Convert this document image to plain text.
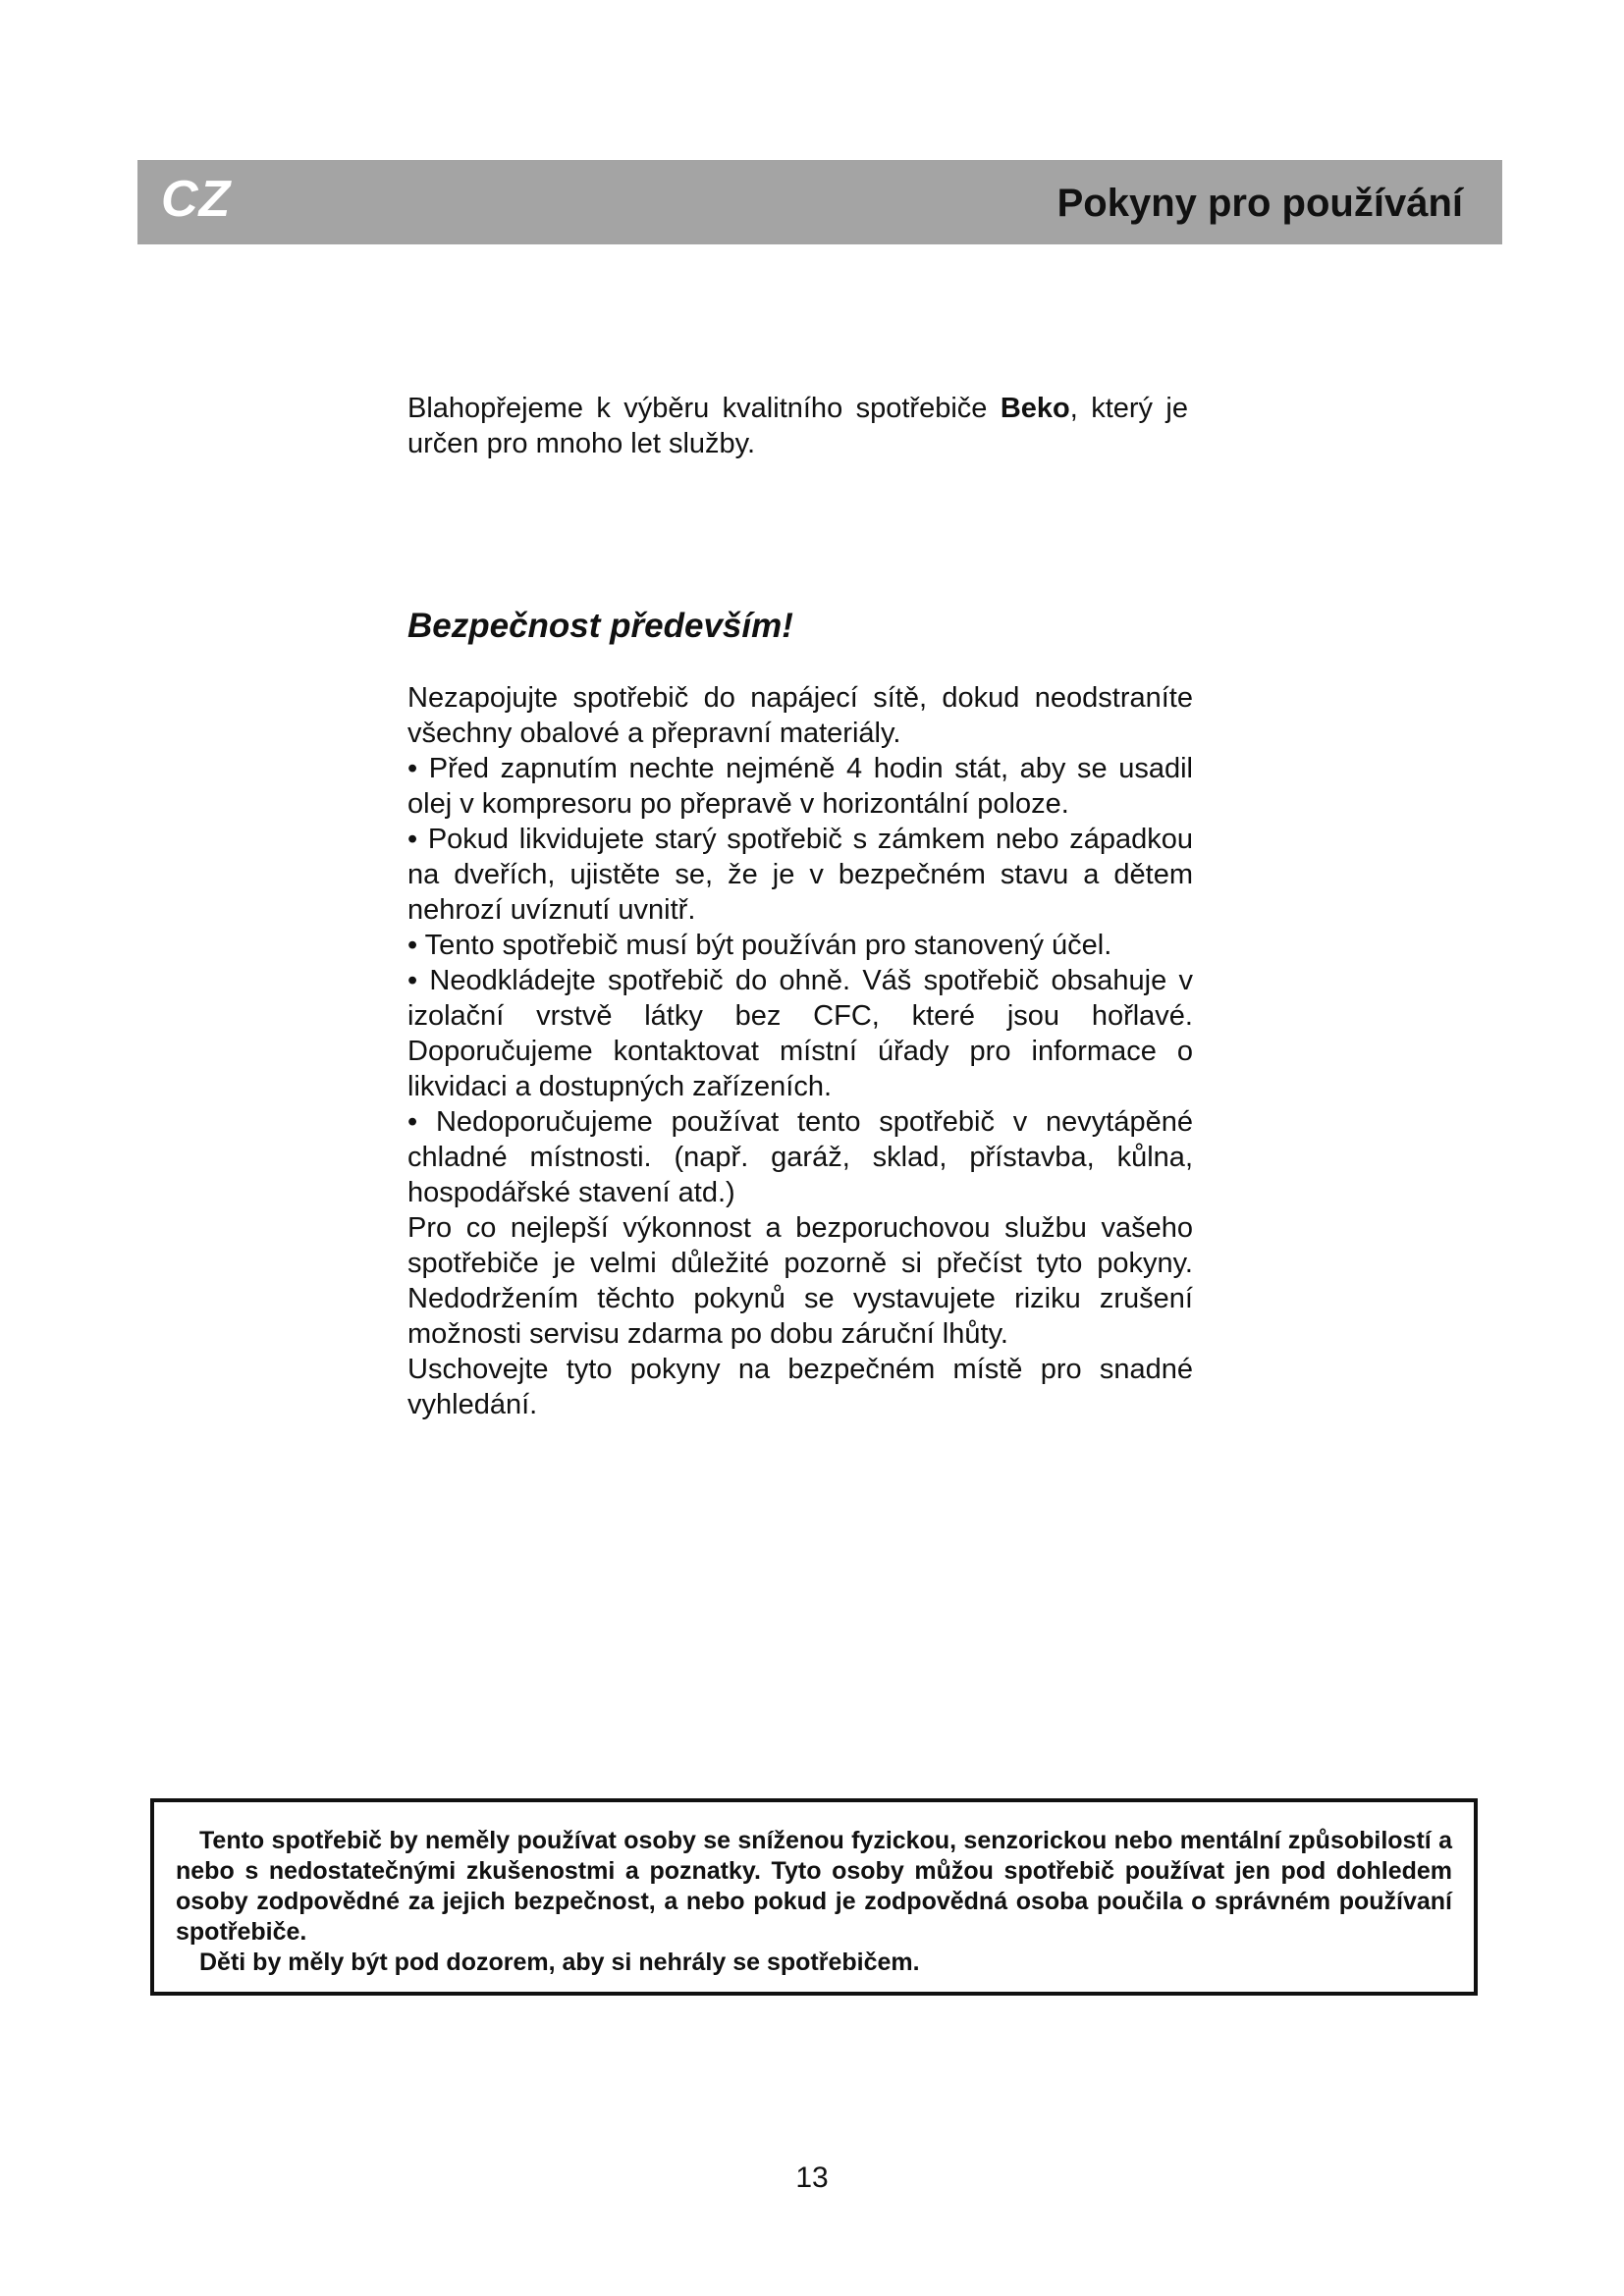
CZ	Pokyny pro používání
Blahopřejeme k výběru kvalitního spotřebiče Beko, který je určen pro mnoho let služby.
Bezpečnost především!

Nezapojujte spotřebič do napájecí sítě, dokud neodstraníte všechny obalové a přepravní materiály.

• Před zapnutím nechte nejméně 4 hodin stát, aby se usadil olej v kompresoru po přepravě v horizontální poloze.

• Pokud likvidujete starý spotřebič s zámkem nebo západkou na dveřích, ujistěte se, že je v bezpečném stavu a dětem nehrozí uvíznutí uvnitř.

• Tento spotřebič musí být používán pro stanovený účel.

• Neodkládejte spotřebič do ohně. Váš spotřebič obsahuje v izolační vrstvě látky bez CFC, které jsou hořlavé. Doporučujeme kontaktovat místní úřady pro informace o likvidaci a dostupných zařízeních.

• Nedoporučujeme používat tento spotřebič v nevytápěné chladné místnosti. (např. garáž, sklad, přístavba, kůlna, hospodářské stavení atd.)

Pro co nejlepší výkonnost a bezporuchovou službu vašeho spotřebiče je velmi důležité pozorně si přečíst tyto pokyny. Nedodržením těchto pokynů se vystavujete riziku zrušení možnosti servisu zdarma po dobu záruční lhůty.

Uschovejte tyto pokyny na bezpečném místě pro snadné vyhledání.

Tento spotřebič by neměly používat osoby se sníženou fyzickou, senzorickou nebo mentální způsobilostí a nebo s nedostatečnými zkušenostmi a poznatky. Tyto osoby můžou spotřebič používat jen pod dohledem osoby zodpovědné za jejich bezpečnost, a nebo pokud je zodpovědná osoba poučila o správném používaní spotřebiče.

Děti by měly být pod dozorem, aby si nehrály se spotřebičem.

13
